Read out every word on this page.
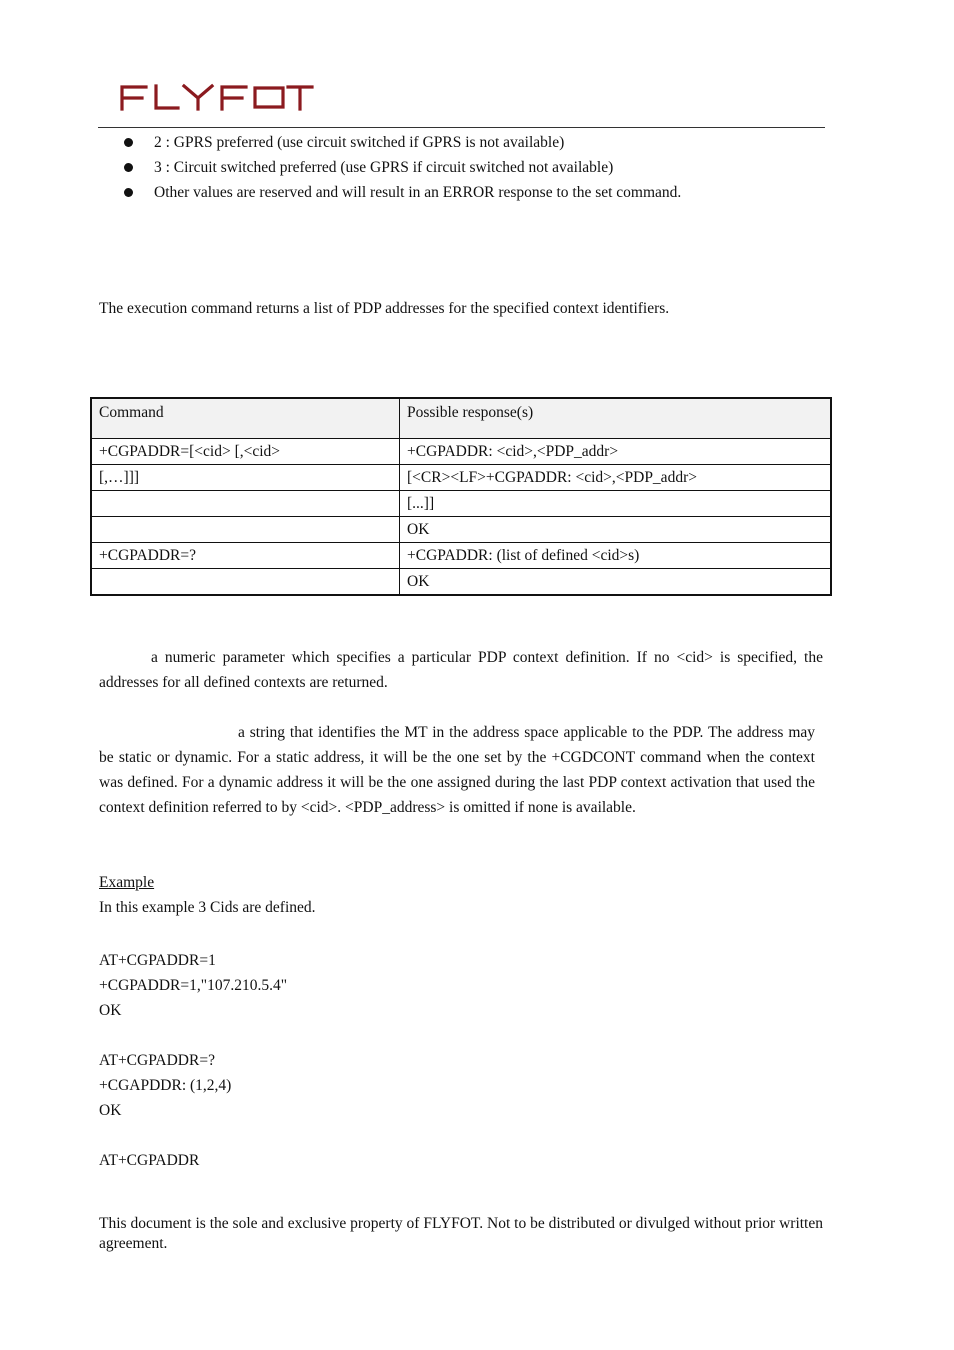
2 : GPRS preferred (use circuit switched if GPRS is not available)
3 : Circuit switched preferred (use GPRS if circuit switched not available)
Other values are reserved and will result in an ERROR response to the set command.
The execution command returns a list of PDP addresses for the specified context identifiers.
Command	Possible response(s)
+CGPADDR=[<cid> [,<cid>	+CGPADDR: <cid>,<PDP_addr>
[,…]]]	[<CR><LF>+CGPADDR: <cid>,<PDP_addr>
	[...]]
	OK
+CGPADDR=?	+CGPADDR: (list of defined <cid>s)
	OK
a numeric parameter which specifies a particular PDP context definition. If no <cid> is specified, the addresses for all defined contexts are returned.
a string that identifies the MT in the address space applicable to the PDP. The address may be static or dynamic. For a static address, it will be the one set by the +CGDCONT command when the context was defined. For a dynamic address it will be the one assigned during the last PDP context activation that used the context definition referred to by <cid>. <PDP_address> is omitted if none is available.
Example
In this example 3 Cids are defined.
AT+CGPADDR=1
+CGPADDR=1,"107.210.5.4"
OK
AT+CGPADDR=?
+CGAPDDR: (1,2,4)
OK
AT+CGPADDR
This document is the sole and exclusive property of FLYFOT. Not to be distributed or divulged without prior written agreement.
